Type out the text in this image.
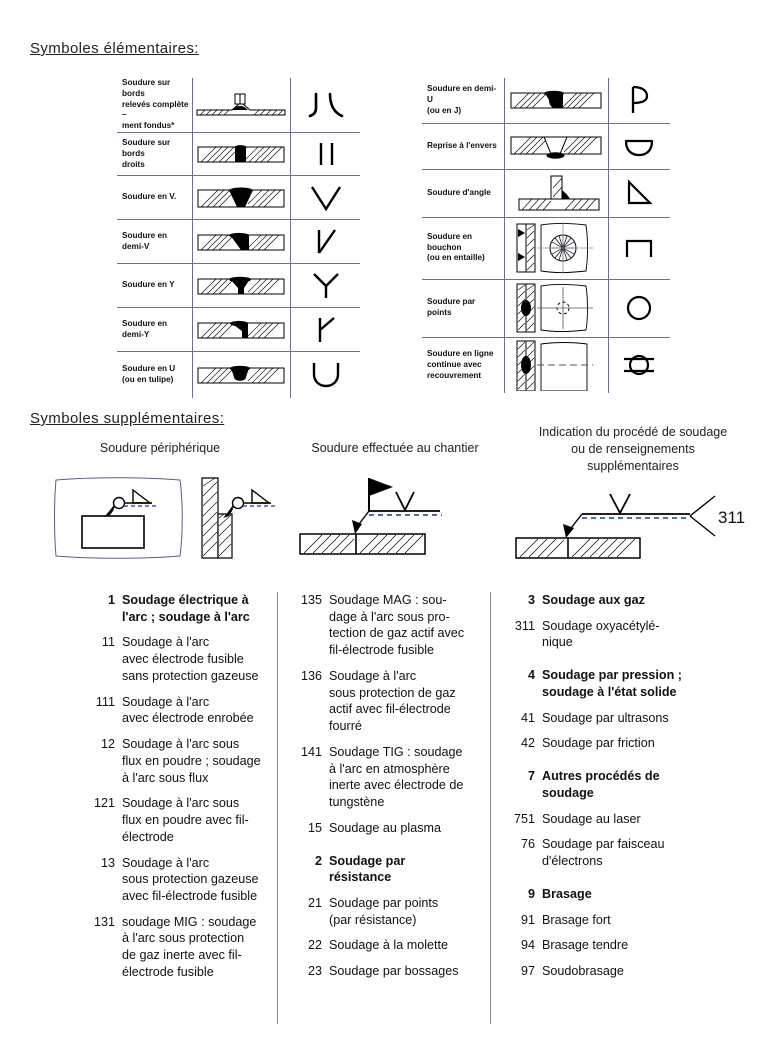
Symboles élémentaires:
Soudure sur bords
relevés complète –
ment fondus*

Soudure sur bords
droits

Soudure en V.

Soudure en demi-V

Soudure en Y

Soudure en demi-Y

Soudure en U
(ou en tulipe)

Soudure en demi-U
(ou en J)

Reprise à l'envers

Soudure d'angle

Soudure en bouchon
(ou en entaille)

Soudure par points

Soudure en ligne
continue avec
recouvrement

Symboles supplémentaires:
Soudure périphérique	Soudure effectuée au chantier
Indication du procédé de soudage
ou de renseignements
supplémentaires
311
1 Soudage électrique à
l'arc ; soudage à l'arc
11 Soudage à l'arc
avec électrode fusible
sans protection gazeuse
111 Soudage à l'arc
avec électrode enrobée
12 Soudage à l'arc sous
flux en poudre ; soudage
à l'arc sous flux
121 Soudage à l'arc sous
flux en poudre avec fil-
électrode
13 Soudage à l'arc
sous protection gazeuse
avec fil-électrode fusible
131 soudage MIG : soudage
à l'arc sous protection
de gaz inerte avec fil-
électrode fusible
135 Soudage MAG : sou-
dage à l'arc sous pro-
tection de gaz actif avec
fil-électrode fusible
136 Soudage à l'arc
sous protection de gaz
actif avec fil-électrode
fourré
141 Soudage TIG : soudage
à l'arc en atmosphère
inerte avec électrode de
tungstène
15 Soudage au plasma
2 Soudage par
résistance
21 Soudage par points
(par résistance)
22 Soudage à la molette
23 Soudage par bossages
3 Soudage aux gaz
311 Soudage oxyacétylé-
nique
4 Soudage par pression ;
soudage à l'état solide
41 Soudage par ultrasons
42 Soudage par friction
7 Autres procédés de
soudage
751 Soudage au laser
76 Soudage par faisceau
d'électrons
9 Brasage
91 Brasage fort
94 Brasage tendre
97 Soudobrasage
